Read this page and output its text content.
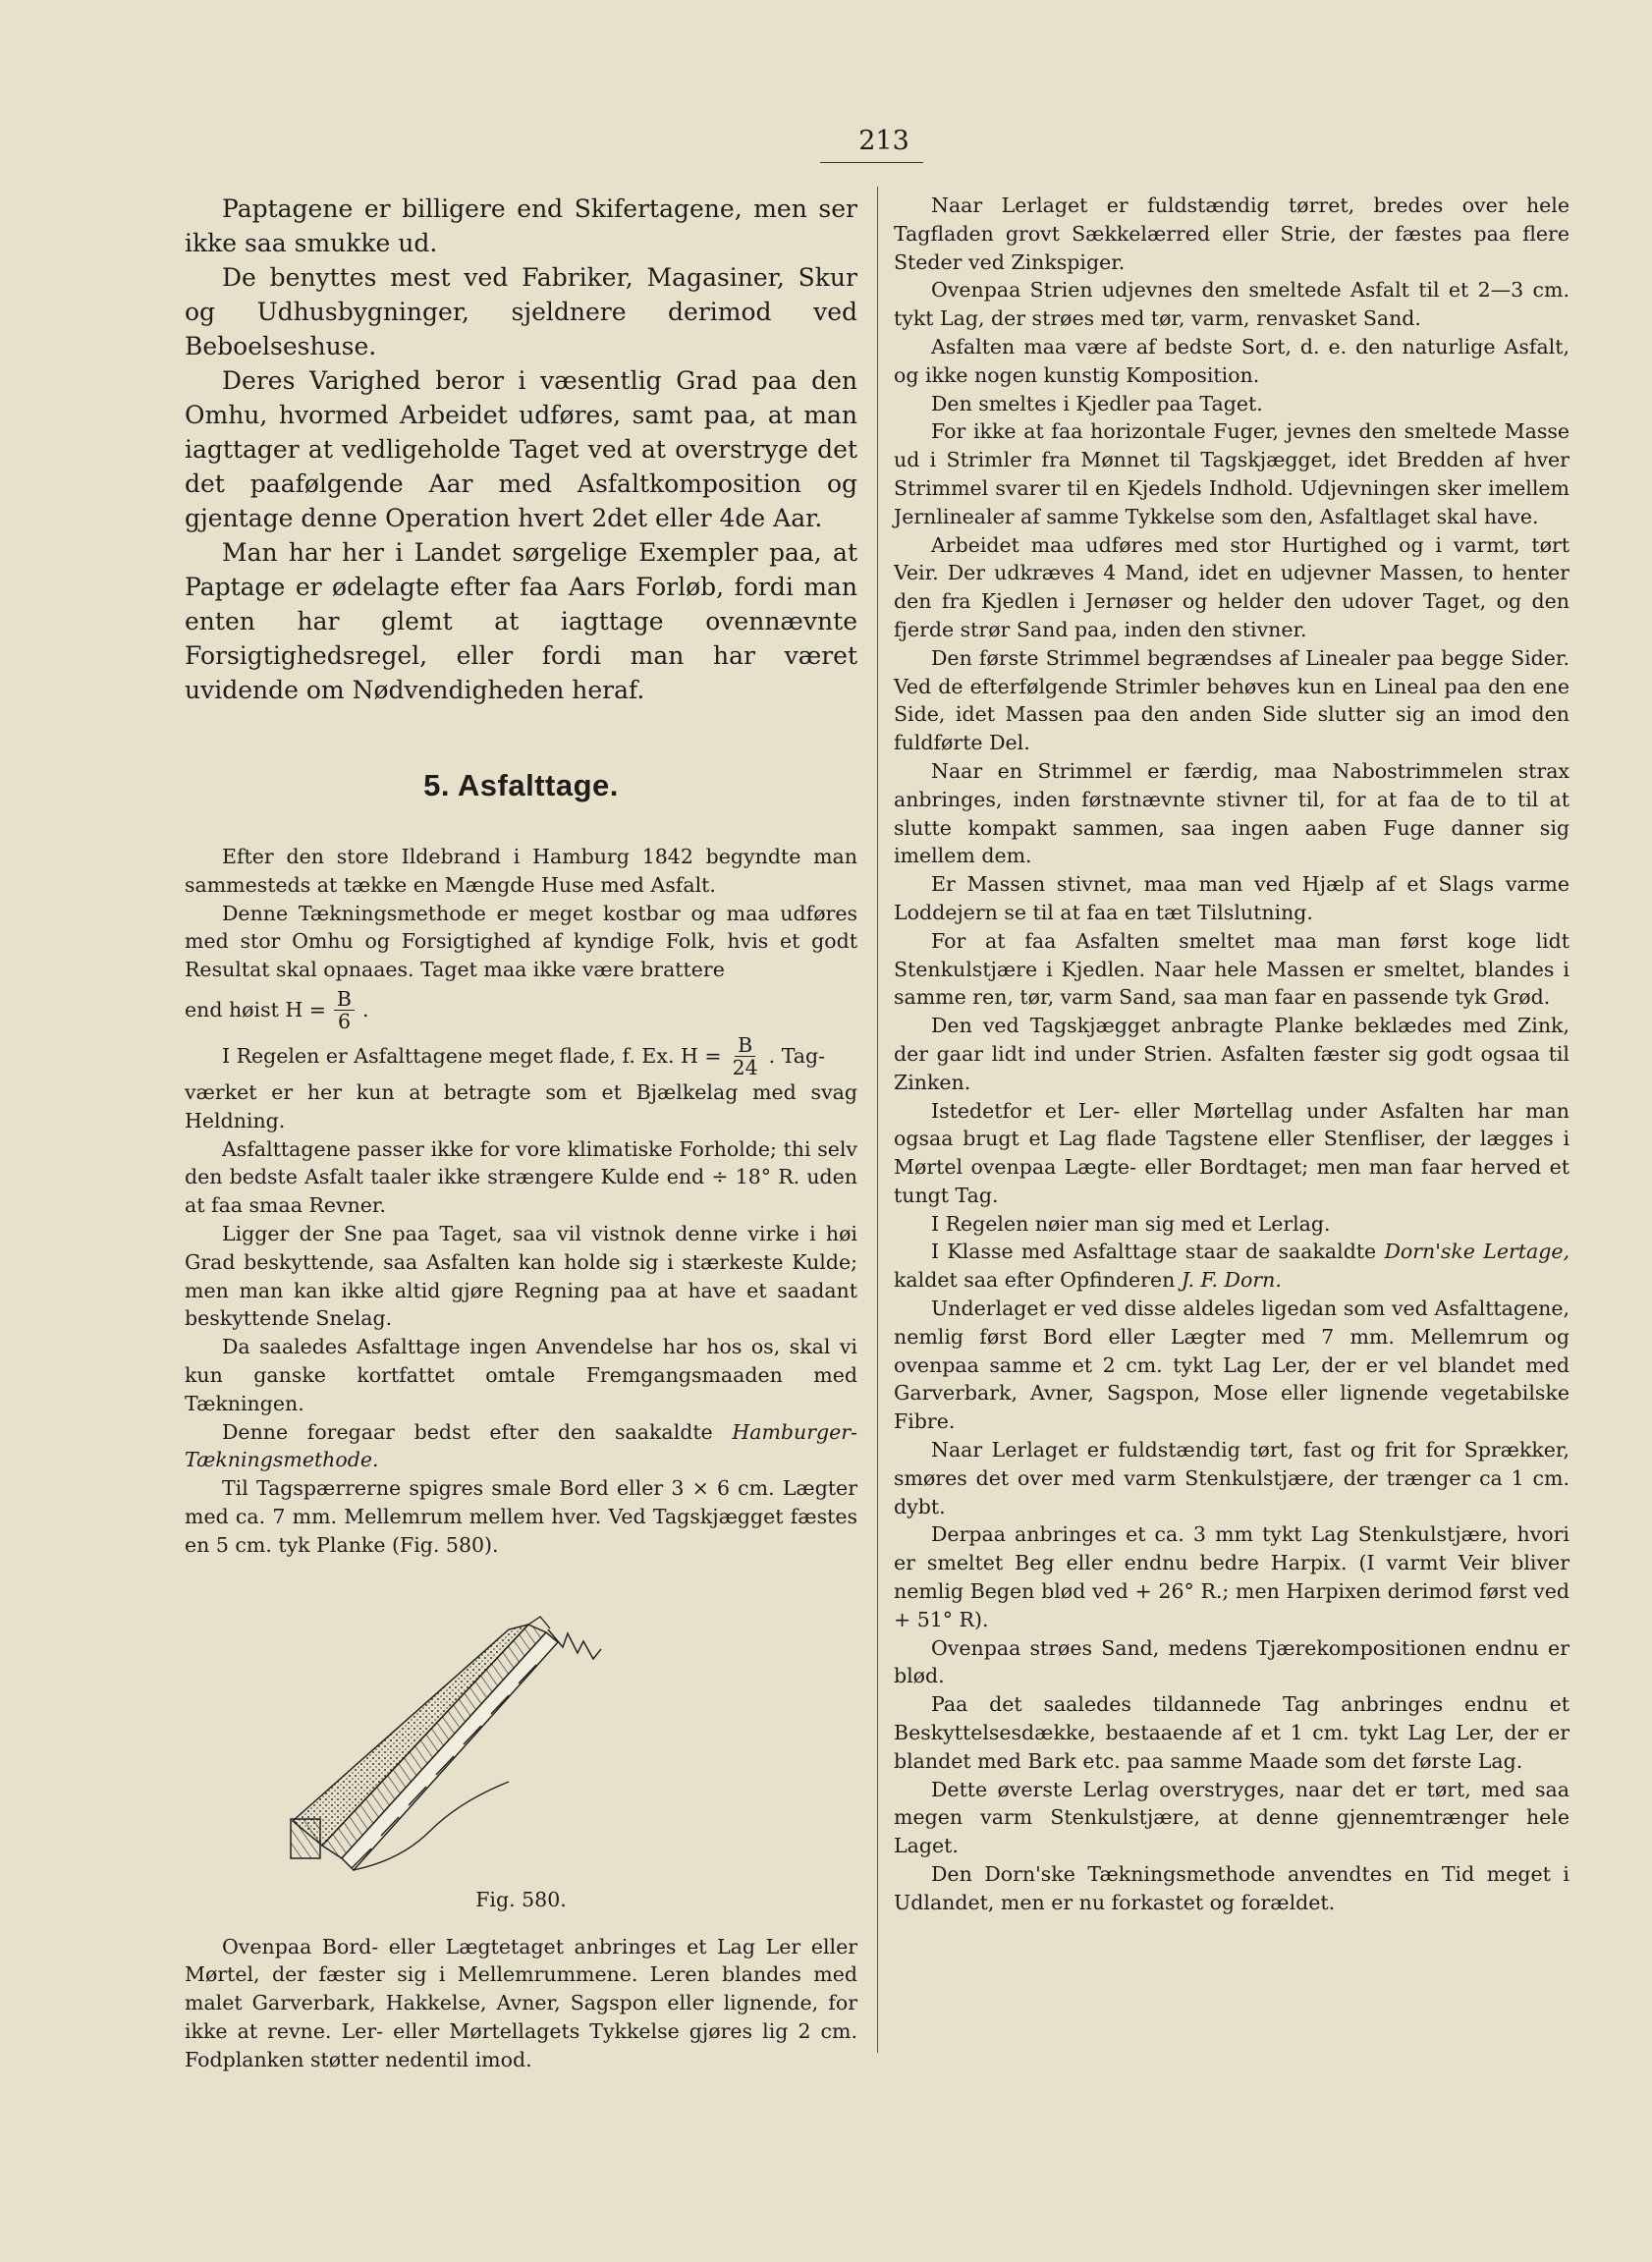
213

Paptagene er billigere end Skifertagene, men ser ikke saa smukke ud.

De benyttes mest ved Fabriker, Magasiner, Skur og Udhusbygninger, sjeldnere derimod ved Beboelseshuse.

Deres Varighed beror i væsentlig Grad paa den Omhu, hvormed Arbeidet udføres, samt paa, at man iagttager at vedligeholde Taget ved at overstryge det det paafølgende Aar med Asfaltkomposition og gjentage denne Operation hvert 2det eller 4de Aar.

Man har her i Landet sørgelige Exempler paa, at Paptage er ødelagte efter faa Aars Forløb, fordi man enten har glemt at iagttage ovennævnte Forsigtighedsregel, eller fordi man har været uvidende om Nødvendigheden heraf.

5. Asfalttage.

Efter den store Ildebrand i Hamburg 1842 begyndte man sammesteds at tække en Mængde Huse med Asfalt.

Denne Tækningsmethode er meget kostbar og maa udføres med stor Omhu og Forsigtighed af kyndige Folk, hvis et godt Resultat skal opnaaes. Taget maa ikke være brattere

end høist $H = \frac{B}{6}$ .
I Regelen er Asfalttagene meget flade, f. Ex. $H = \frac{B}{24}$ . Tag-

værket er her kun at betragte som et Bjælkelag med svag Heldning.

Asfalttagene passer ikke for vore klimatiske Forholde; thi selv den bedste Asfalt taaler ikke strængere Kulde end ÷ 18° R. uden at faa smaa Revner.

Ligger der Sne paa Taget, saa vil vistnok denne virke i høi Grad beskyttende, saa Asfalten kan holde sig i stærkeste Kulde; men man kan ikke altid gjøre Regning paa at have et saadant beskyttende Snelag.

Da saaledes Asfalttage ingen Anvendelse har hos os, skal vi kun ganske kortfattet omtale Fremgangsmaaden med Tækningen.

Denne foregaar bedst efter den saakaldte Hamburger-Tækningsmethode.

Til Tagspærrerne spigres smale Bord eller 3 × 6 cm. Lægter med ca. 7 mm. Mellemrum mellem hver. Ved Tagskjægget fæstes en 5 cm. tyk Planke (Fig. 580).

Fig. 580.

Ovenpaa Bord- eller Lægtetaget anbringes et Lag Ler eller Mørtel, der fæster sig i Mellemrummene. Leren blandes med malet Garverbark, Hakkelse, Avner, Sagspon eller lignende, for ikke at revne. Ler- eller Mørtellagets Tykkelse gjøres lig 2 cm. Fodplanken støtter nedentil imod.

Naar Lerlaget er fuldstændig tørret, bredes over hele Tagfladen grovt Sækkelærred eller Strie, der fæstes paa flere Steder ved Zinkspiger.

Ovenpaa Strien udjevnes den smeltede Asfalt til et 2—3 cm. tykt Lag, der strøes med tør, varm, renvasket Sand.

Asfalten maa være af bedste Sort, d. e. den naturlige Asfalt, og ikke nogen kunstig Komposition.

Den smeltes i Kjedler paa Taget.

For ikke at faa horizontale Fuger, jevnes den smeltede Masse ud i Strimler fra Mønnet til Tagskjægget, idet Bredden af hver Strimmel svarer til en Kjedels Indhold. Udjevningen sker imellem Jernlinealer af samme Tykkelse som den, Asfaltlaget skal have.

Arbeidet maa udføres med stor Hurtighed og i varmt, tørt Veir. Der udkræves 4 Mand, idet en udjevner Massen, to henter den fra Kjedlen i Jernøser og helder den udover Taget, og den fjerde strør Sand paa, inden den stivner.

Den første Strimmel begrændses af Linealer paa begge Sider. Ved de efterfølgende Strimler behøves kun en Lineal paa den ene Side, idet Massen paa den anden Side slutter sig an imod den fuldførte Del.

Naar en Strimmel er færdig, maa Nabostrimmelen strax anbringes, inden førstnævnte stivner til, for at faa de to til at slutte kompakt sammen, saa ingen aaben Fuge danner sig imellem dem.

Er Massen stivnet, maa man ved Hjælp af et Slags varme Loddejern se til at faa en tæt Tilslutning.

For at faa Asfalten smeltet maa man først koge lidt Stenkulstjære i Kjedlen. Naar hele Massen er smeltet, blandes i samme ren, tør, varm Sand, saa man faar en passende tyk Grød.

Den ved Tagskjægget anbragte Planke beklædes med Zink, der gaar lidt ind under Strien. Asfalten fæster sig godt ogsaa til Zinken.

Istedetfor et Ler- eller Mørtellag under Asfalten har man ogsaa brugt et Lag flade Tagstene eller Stenfliser, der lægges i Mørtel ovenpaa Lægte- eller Bordtaget; men man faar herved et tungt Tag.

I Regelen nøier man sig med et Lerlag.

I Klasse med Asfalttage staar de saakaldte Dorn'ske Lertage, kaldet saa efter Opfinderen J. F. Dorn.

Underlaget er ved disse aldeles ligedan som ved Asfalttagene, nemlig først Bord eller Lægter med 7 mm. Mellemrum og ovenpaa samme et 2 cm. tykt Lag Ler, der er vel blandet med Garverbark, Avner, Sagspon, Mose eller lignende vegetabilske Fibre.

Naar Lerlaget er fuldstændig tørt, fast og frit for Sprækker, smøres det over med varm Stenkulstjære, der trænger ca 1 cm. dybt.

Derpaa anbringes et ca. 3 mm tykt Lag Stenkulstjære, hvori er smeltet Beg eller endnu bedre Harpix. (I varmt Veir bliver nemlig Begen blød ved + 26° R.; men Harpixen derimod først ved + 51° R).

Ovenpaa strøes Sand, medens Tjærekompositionen endnu er blød.

Paa det saaledes tildannede Tag anbringes endnu et Beskyttelsesdække, bestaaende af et 1 cm. tykt Lag Ler, der er blandet med Bark etc. paa samme Maade som det første Lag.

Dette øverste Lerlag overstryges, naar det er tørt, med saa megen varm Stenkulstjære, at denne gjennemtrænger hele Laget.

Den Dorn'ske Tækningsmethode anvendtes en Tid meget i Udlandet, men er nu forkastet og forældet.
